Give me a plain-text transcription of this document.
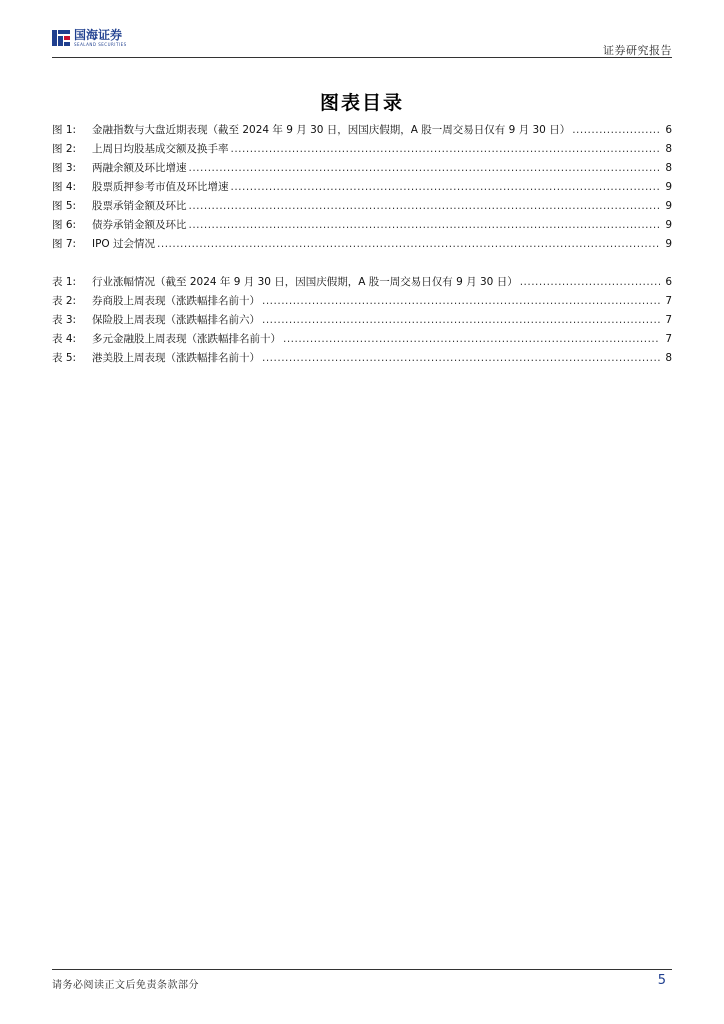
国海证券
SEALAND SECURITIES	证券研究报告
图表目录
图 1:	金融指数与大盘近期表现（截至 2024 年 9 月 30 日，因国庆假期，A 股一周交易日仅有 9 月 30 日） .....	6
图 2:	上周日均股基成交额及换手率 .....	8
图 3:	两融余额及环比增速 .....	8
图 4:	股票质押参考市值及环比增速 .....	9
图 5:	股票承销金额及环比 .....	9
图 6:	债券承销金额及环比 .....	9
图 7:	IPO 过会情况 .....	9
表 1:	行业涨幅情况（截至 2024 年 9 月 30 日，因国庆假期，A 股一周交易日仅有 9 月 30 日） .....	6
表 2:	券商股上周表现（涨跌幅排名前十） .....	7
表 3:	保险股上周表现（涨跌幅排名前六） .....	7
表 4:	多元金融股上周表现（涨跌幅排名前十） .....	7
表 5:	港美股上周表现（涨跌幅排名前十） .....	8
请务必阅读正文后免责条款部分	5
